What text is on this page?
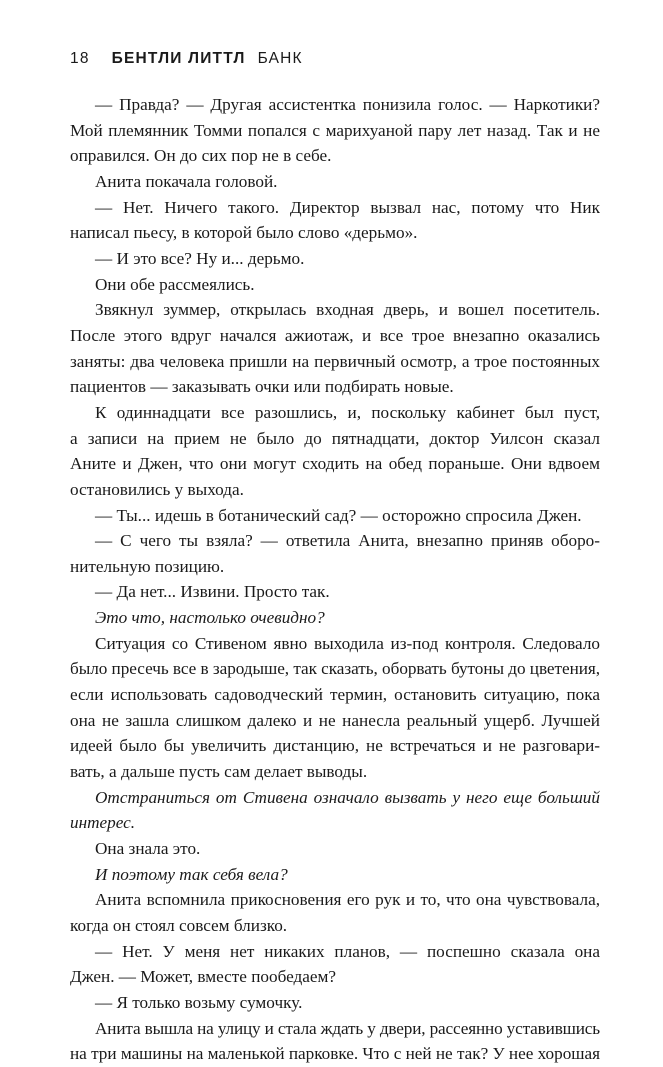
18 БЕНТЛИ ЛИТТЛ БАНК
— Правда? — Другая ассистентка понизила голос. — Наркотики?
Мой племянник Томми попался с марихуаной пару лет назад. Так и не
оправился. Он до сих пор не в себе.
Анита покачала головой.
— Нет. Ничего такого. Директор вызвал нас, потому что Ник
написал пьесу, в которой было слово «дерьмо».
— И это все? Ну и... дерьмо.
Они обе рассмеялись.
Звякнул зуммер, открылась входная дверь, и вошел посетитель.
После этого вдруг начался ажиотаж, и все трое внезапно оказались
заняты: два человека пришли на первичный осмотр, а трое постоянных
пациентов — заказывать очки или подбирать новые.
К одиннадцати все разошлись, и, поскольку кабинет был пуст,
а записи на прием не было до пятнадцати, доктор Уилсон сказал
Аните и Джен, что они могут сходить на обед пораньше. Они вдвоем
остановились у выхода.
— Ты... идешь в ботанический сад? — осторожно спросила Джен.
— С чего ты взяла? — ответила Анита, внезапно приняв оборо-
нительную позицию.
— Да нет... Извини. Просто так.
Это что, настолько очевидно?
Ситуация со Стивеном явно выходила из-под контроля. Следовало
было пресечь все в зародыше, так сказать, оборвать бутоны до цветения,
если использовать садоводческий термин, остановить ситуацию, пока
она не зашла слишком далеко и не нанесла реальный ущерб. Лучшей
идеей было бы увеличить дистанцию, не встречаться и не разговари-
вать, а дальше пусть сам делает выводы.
Отстраниться от Стивена означало вызвать у него еще больший
интерес.
Она знала это.
И поэтому так себя вела?
Анита вспомнила прикосновения его рук и то, что она чувствовала,
когда он стоял совсем близко.
— Нет. У меня нет никаких планов, — поспешно сказала она
Джен. — Может, вместе пообедаем?
— Я только возьму сумочку.
Анита вышла на улицу и стала ждать у двери, рассеянно уставившись
на три машины на маленькой парковке. Что с ней не так? У нее хорошая
